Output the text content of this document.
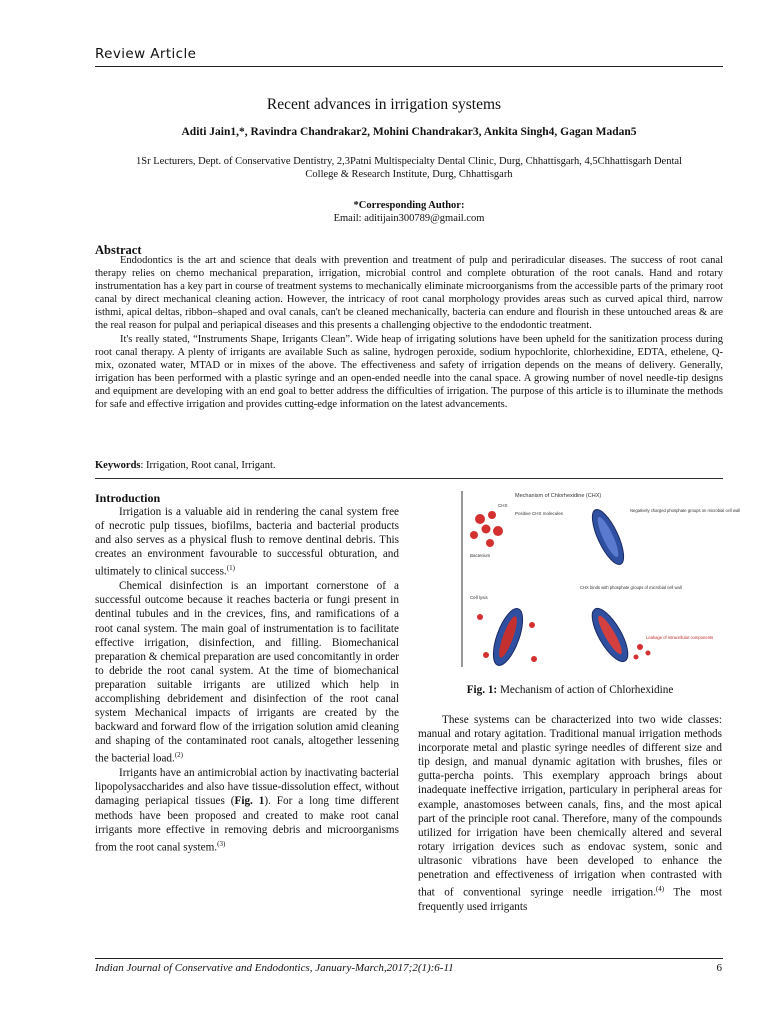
Review Article
Recent advances in irrigation systems
Aditi Jain1,*, Ravindra Chandrakar2, Mohini Chandrakar3, Ankita Singh4, Gagan Madan5
1Sr Lecturers, Dept. of Conservative Dentistry, 2,3Patni Multispecialty Dental Clinic, Durg, Chhattisgarh, 4,5Chhattisgarh Dental
College & Research Institute, Durg, Chhattisgarh
*Corresponding Author:
Email: aditijain300789@gmail.com
Abstract

Endodontics is the art and science that deals with prevention and treatment of pulp and periradicular diseases. The success of root canal therapy relies on chemo mechanical preparation, irrigation, microbial control and complete obturation of the root canals. Hand and rotary instrumentation has a key part in course of treatment systems to mechanically eliminate microorganisms from the accessible parts of the primary root canal by direct mechanical cleaning action. However, the intricacy of root canal morphology provides areas such as curved apical third, narrow isthmi, apical deltas, ribbon–shaped and oval canals, can't be cleaned mechanically, bacteria can endure and flourish in these untouched areas & are the real reason for pulpal and periapical diseases and this presents a challenging objective to the endodontic treatment.

It's really stated, “Instruments Shape, Irrigants Clean”. Wide heap of irrigating solutions have been upheld for the sanitization process during root canal therapy. A plenty of irrigants are available Such as saline, hydrogen peroxide, sodium hypochlorite, chlorhexidine, EDTA, ethelene, Q-mix, ozonated water, MTAD or in mixes of the above. The effectiveness and safety of irrigation depends on the means of delivery. Generally, irrigation has been performed with a plastic syringe and an open-ended needle into the canal space. A growing number of novel needle-tip designs and equipment are developing with an end goal to better address the difficulties of irrigation. The purpose of this article is to illuminate the methods for safe and effective irrigation and provides cutting-edge information on the latest advancements.

Keywords: Irrigation, Root canal, Irrigant.
Introduction

Irrigation is a valuable aid in rendering the canal system free of necrotic pulp tissues, biofilms, bacteria and bacterial products and also serves as a physical flush to remove dentinal debris. This creates an environment favourable to successful obturation, and ultimately to clinical success.$^{(1)}$

Chemical disinfection is an important cornerstone of a successful outcome because it reaches bacteria or fungi present in dentinal tubules and in the crevices, fins, and ramifications of a root canal system. The main goal of instrumentation is to facilitate effective irrigation, disinfection, and filling. Biomechanical preparation & chemical preparation are used concomitantly in order to debride the root canal system. At the time of biomechanical preparation suitable irrigants are utilized which help in accomplishing debridement and disinfection of the root canal system Mechanical impacts of irrigants are created by the backward and forward flow of the irrigation solution amid cleaning and shaping of the contaminated root canals, altogether lessening the bacterial load.$^{(2)}$

Irrigants have an antimicrobial action by inactivating bacterial lipopolysaccharides and also have tissue-dissolution effect, without damaging periapical tissues (Fig. 1). For a long time different methods have been proposed and created to make root canal irrigants more effective in removing debris and microorganisms from the root canal system.$^{(3)}$

Mechanism of Chlorhexidine (CHX)
CHX
Positive CHX molecules
Bacterium
Negatively charged phosphate groups on microbial cell wall
Cell lysis
CHX binds with phosphate groups of microbial cell wall
Leakage of intracellular components
Fig. 1: Mechanism of action of Chlorhexidine

These systems can be characterized into two wide classes: manual and rotary agitation. Traditional manual irrigation methods incorporate metal and plastic syringe needles of different size and tip design, and manual dynamic agitation with brushes, files or gutta-percha points. This exemplary approach brings about inadequate ineffective irrigation, particulary in peripheral areas for example, anastomoses between canals, fins, and the most apical part of the principle root canal. Therefore, many of the compounds utilized for irrigation have been chemically altered and several rotary irrigation devices such as endovac system, sonic and ultrasonic vibrations have been developed to enhance the penetration and effectiveness of irrigation when contrasted with that of conventional syringe needle irrigation.$^{(4)}$ The most frequently used irrigants

Indian Journal of Conservative and Endodontics, January-March,2017;2(1):6-11	6
